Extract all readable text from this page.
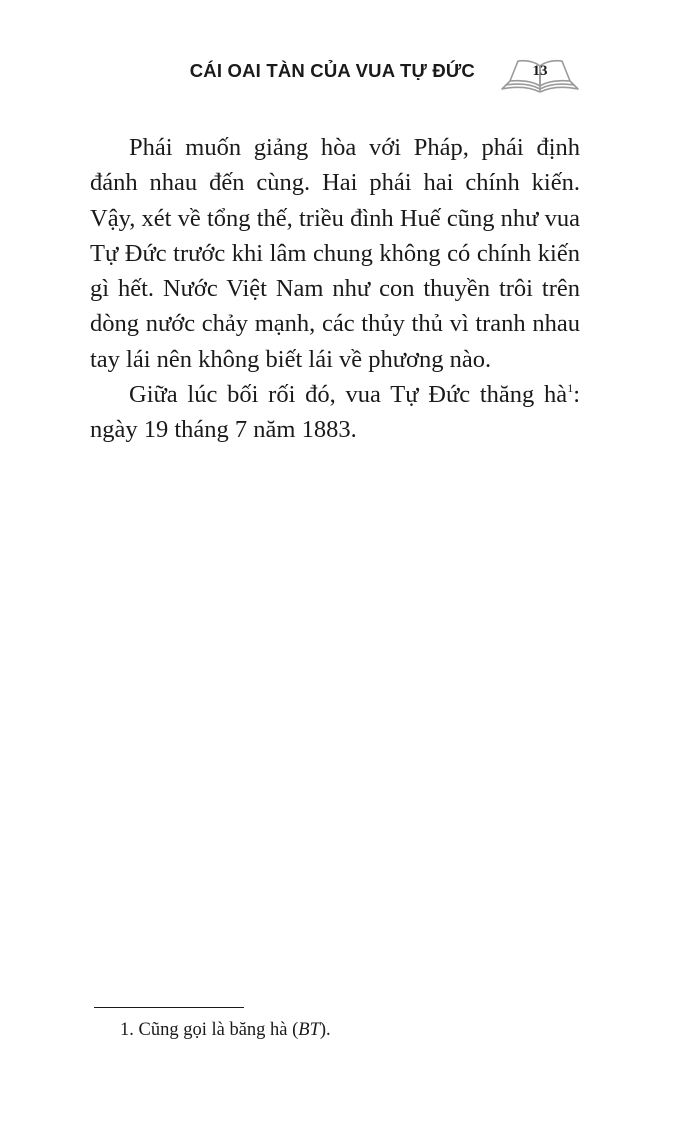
CÁI OAI TÀN CỦA VUA TỰ ĐỨC	13

Phái muốn giảng hòa với Pháp, phái định đánh nhau đến cùng. Hai phái hai chính kiến. Vậy, xét về tổng thế, triều đình Huế cũng như vua Tự Đức trước khi lâm chung không có chính kiến gì hết. Nước Việt Nam như con thuyền trôi trên dòng nước chảy mạnh, các thủy thủ vì tranh nhau tay lái nên không biết lái về phương nào.

Giữa lúc bối rối đó, vua Tự Đức thăng $hà^1$: ngày 19 tháng 7 năm 1883.

1. Cũng gọi là băng hà (BT).
